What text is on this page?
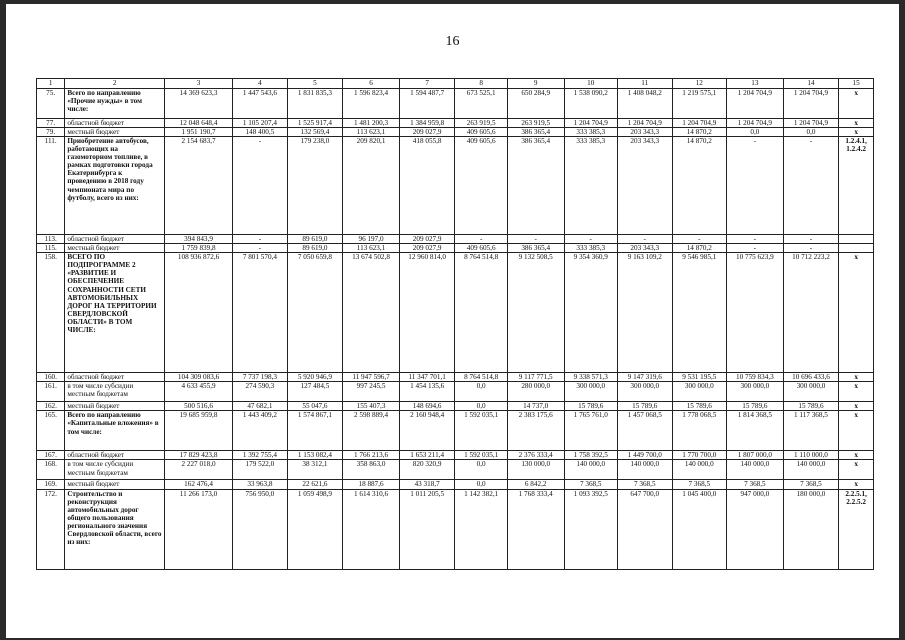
16
1	2	3	4	5	6	7	8	9	10	11	12	13	14	15
75.	Всего по направлению «Прочие нужды» в том числе:	14 369 623,3	1 447 543,6	1 831 835,3	1 596 823,4	1 594 487,7	673 525,1	650 284,9	1 538 090,2	1 408 048,2	1 219 575,1	1 204 704,9	1 204 704,9	x
77.	областной бюджет	12 048 648,4	1 105 207,4	1 525 917,4	1 481 200,3	1 384 959,8	263 919,5	263 919,5	1 204 704,9	1 204 704,9	1 204 704,9	1 204 704,9	1 204 704,9	x
79.	местный бюджет	1 951 190,7	148 400,5	132 569,4	113 623,1	209 027,9	409 605,6	386 365,4	333 385,3	203 343,3	14 870,2	0,0	0,0	x
111.	Приобретение автобусов, работающих на газомоторном топливе, в рамках подготовки города Екатеринбурга к проведению в 2018 году чемпионата мира по футболу, всего из них:	2 154 683,7	-	179 238,0	209 820,1	418 055,8	409 605,6	386 365,4	333 385,3	203 343,3	14 870,2	-	-	1.2.4.1, 1.2.4.2
113.	областной бюджет	394 843,9	-	89 619,0	96 197,0	209 027,9	-	-	-	-	-	-	-	
115.	местный бюджет	1 759 839,8	-	89 619,0	113 623,1	209 027,9	409 605,6	386 365,4	333 385,3	203 343,3	14 870,2	-	-	
158.	ВСЕГО ПО ПОДПРОГРАММЕ 2 «РАЗВИТИЕ И ОБЕСПЕЧЕНИЕ СОХРАННОСТИ СЕТИ АВТОМОБИЛЬНЫХ ДОРОГ НА ТЕРРИТОРИИ СВЕРДЛОВСКОЙ ОБЛАСТИ» В ТОМ ЧИСЛЕ:	108 936 872,6	7 801 570,4	7 050 659,8	13 674 502,8	12 960 814,0	8 764 514,8	9 132 508,5	9 354 360,9	9 163 109,2	9 546 985,1	10 775 623,9	10 712 223,2	x
160.	областной бюджет	104 309 083,6	7 737 198,3	5 920 946,9	11 947 596,7	11 347 701,1	8 764 514,8	9 117 771,5	9 338 571,3	9 147 319,6	9 531 195,5	10 759 834,3	10 696 433,6	x
161.	в том числе субсидии местным бюджетам	4 633 455,9	274 590,3	127 484,5	997 245,5	1 454 135,6	0,0	280 000,0	300 000,0	300 000,0	300 000,0	300 000,0	300 000,0	x
162.	местный бюджет	500 516,6	47 682,1	55 047,6	155 407,3	148 694,6	0,0	14 737,0	15 789,6	15 789,6	15 789,6	15 789,6	15 789,6	x
165.	Всего по направлению «Капитальные вложения» в том числе:	19 685 959,8	1 443 409,2	1 574 867,1	2 598 889,4	2 160 948,4	1 592 035,1	2 383 175,6	1 765 761,0	1 457 068,5	1 778 068,5	1 814 368,5	1 117 368,5	x
167.	областной бюджет	17 829 423,8	1 392 755,4	1 153 082,4	1 766 213,6	1 653 211,4	1 592 035,1	2 376 333,4	1 758 392,5	1 449 700,0	1 770 700,0	1 807 000,0	1 110 000,0	x
168.	в том числе субсидии местным бюджетам	2 227 018,0	179 522,0	38 312,1	358 863,0	820 320,9	0,0	130 000,0	140 000,0	140 000,0	140 000,0	140 000,0	140 000,0	x
169.	местный бюджет	162 476,4	33 963,8	22 621,6	18 887,6	43 318,7	0,0	6 842,2	7 368,5	7 368,5	7 368,5	7 368,5	7 368,5	x
172.	Строительство и реконструкция автомобильных дорог общего пользования регионального значения Свердловской области, всего из них:	11 266 173,0	756 950,0	1 059 498,9	1 614 310,6	1 011 205,5	1 142 382,1	1 768 333,4	1 093 392,5	647 700,0	1 045 400,0	947 000,0	180 000,0	2.2.5.1, 2.2.5.2
